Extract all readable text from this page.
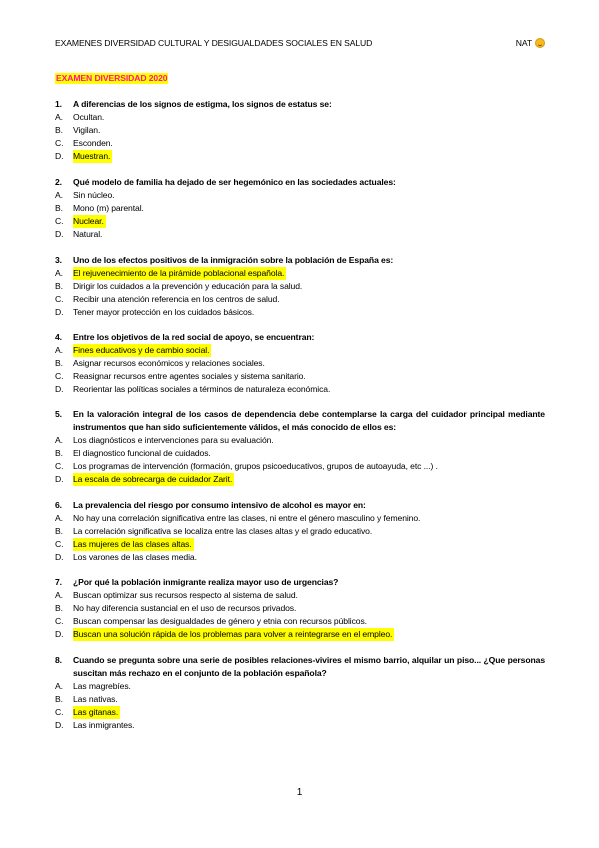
EXAMENES DIVERSIDAD CULTURAL Y DESIGUALDADES SOCIALES EN SALUD	NAT
EXAMEN DIVERSIDAD 2020
1.	A diferencias de los signos de estigma, los signos de estatus se:
A.	Ocultan.
B.	Vigilan.
C.	Esconden.
D.	Muestran.
2.	Qué modelo de familia ha dejado de ser hegemónico en las sociedades actuales:
A.	Sin núcleo.
B.	Mono (m) parental.
C.	Nuclear.
D.	Natural.
3.	Uno de los efectos positivos de la inmigración sobre la población de España es:
A.	El rejuvenecimiento de la pirámide poblacional española.
B.	Dirigir los cuidados a la prevención y educación para la salud.
C.	Recibir una atención referencia en los centros de salud.
D.	Tener mayor protección en los cuidados básicos.
4.	Entre los objetivos de la red social de apoyo, se encuentran:
A.	Fines educativos y de cambio social.
B.	Asignar recursos económicos y relaciones sociales.
C.	Reasignar recursos entre agentes sociales y sistema sanitario.
D.	Reorientar las políticas sociales a términos de naturaleza económica.
5.	En la valoración integral de los casos de dependencia debe contemplarse la carga del cuidador principal mediante instrumentos que han sido suficientemente válidos, el más conocido de ellos es:
A.	Los diagnósticos e intervenciones para su evaluación.
B.	El diagnostico funcional de cuidados.
C.	Los programas de intervención (formación, grupos psicoeducativos, grupos de autoayuda, etc ...) .
D.	La escala de sobrecarga de cuidador Zarit.
6.	La prevalencia del riesgo por consumo intensivo de alcohol es mayor en:
A.	No hay una correlación significativa entre las clases, ni entre el género masculino y femenino.
B.	La correlación significativa se localiza entre las clases altas y el grado educativo.
C.	Las mujeres de las clases altas.
D.	Los varones de las clases media.
7.	¿Por qué la población inmigrante realiza mayor uso de urgencias?
A.	Buscan optimizar sus recursos respecto al sistema de salud.
B.	No hay diferencia sustancial en el uso de recursos privados.
C.	Buscan compensar las desigualdades de género y etnia con recursos públicos.
D.	Buscan una solución rápida de los problemas para volver a reintegrarse en el empleo.
8.	Cuando se pregunta sobre una serie de posibles relaciones-vivires el mismo barrio, alquilar un piso... ¿Que personas suscitan más rechazo en el conjunto de la población española?
A.	Las magrebíes.
B.	Las nativas.
C.	Las gitanas.
D.	Las inmigrantes.
1
